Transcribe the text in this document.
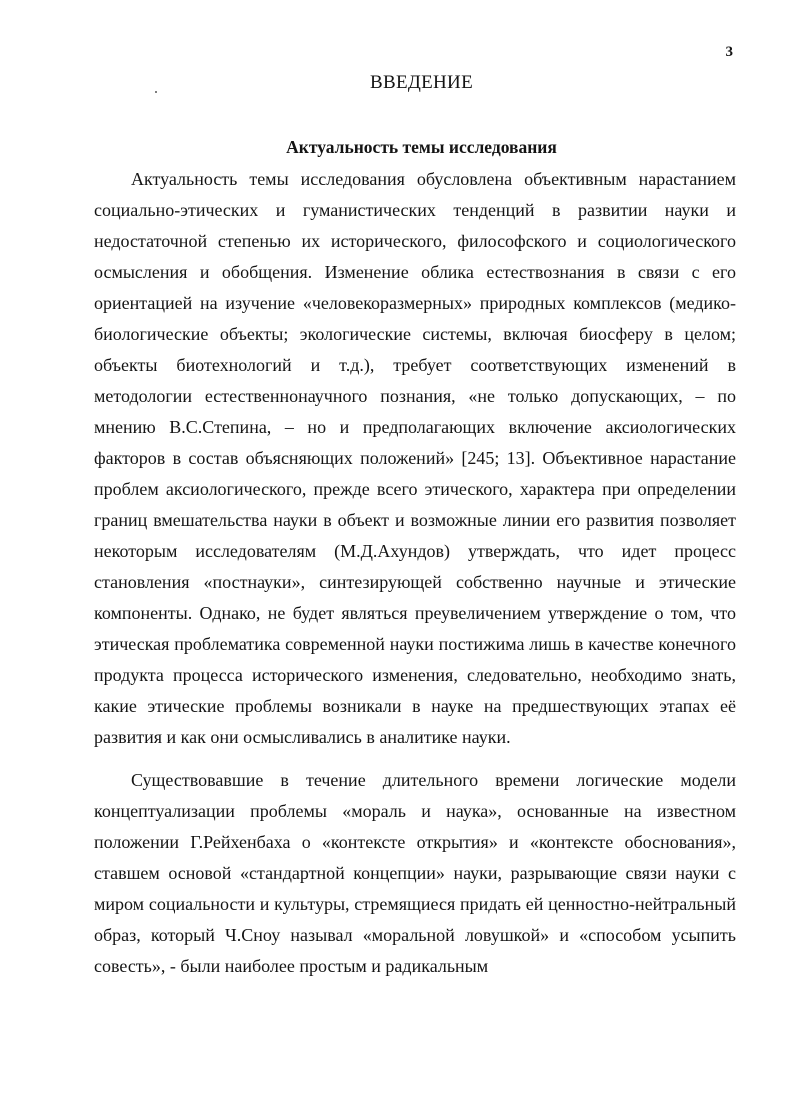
3
ВВЕДЕНИЕ
Актуальность темы исследования

Актуальность темы исследования обусловлена объективным нарастанием социально-этических и гуманистических тенденций в развитии науки и недостаточной степенью их исторического, философского и социологического осмысления и обобщения. Изменение облика естествознания в связи с его ориентацией на изучение «человекоразмерных» природных комплексов (медико-биологические объекты; экологические системы, включая биосферу в целом; объекты биотехнологий и т.д.), требует соответствующих изменений в методологии естественнонаучного познания, «не только допускающих, – по мнению В.С.Степина, – но и предполагающих включение аксиологических факторов в состав объясняющих положений» [245; 13]. Объективное нарастание проблем аксиологического, прежде всего этического, характера при определении границ вмешательства науки в объект и возможные линии его развития позволяет некоторым исследователям (М.Д.Ахундов) утверждать, что идет процесс становления «постнауки», синтезирующей собственно научные и этические компоненты. Однако, не будет являться преувеличением утверждение о том, что этическая проблематика современной науки постижима лишь в качестве конечного продукта процесса исторического изменения, следовательно, необходимо знать, какие этические проблемы возникали в науке на предшествующих этапах её развития и как они осмысливались в аналитике науки.

Существовавшие в течение длительного времени логические модели концептуализации проблемы «мораль и наука», основанные на известном положении Г.Рейхенбаха о «контексте открытия» и «контексте обоснования», ставшем основой «стандартной концепции» науки, разрывающие связи науки с миром социальности и культуры, стремящиеся придать ей ценностно-нейтральный образ, который Ч.Сноу называл «моральной ловушкой» и «способом усыпить совесть», - были наиболее простым и радикальным
